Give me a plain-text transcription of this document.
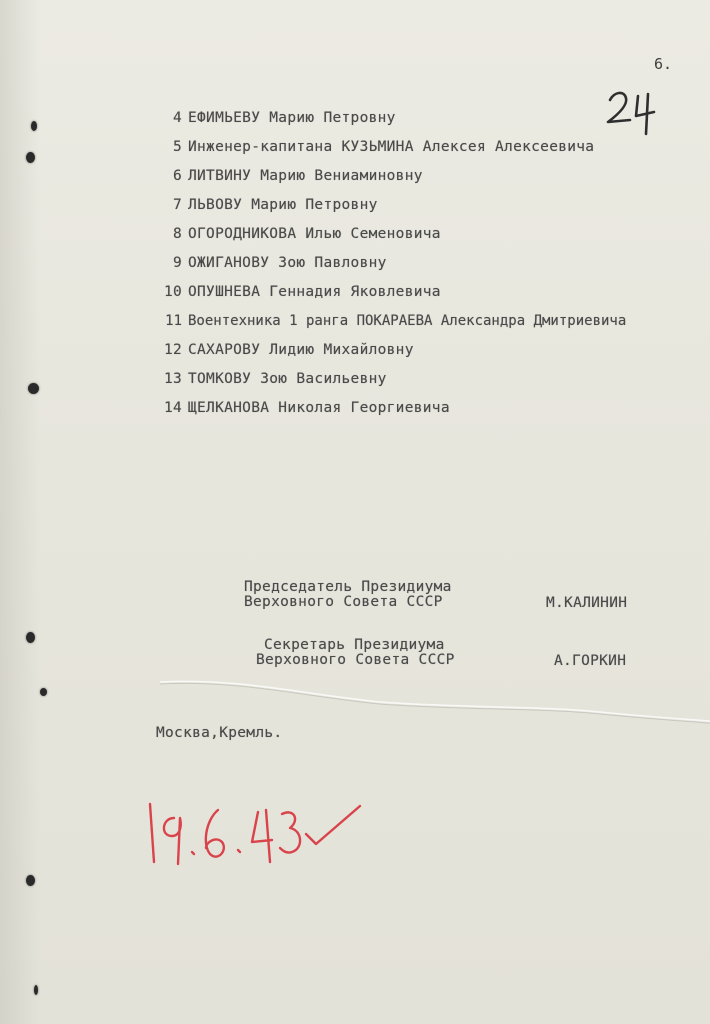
6.
4 ЕФИМЬЕВУ Марию Петровну
5 Инженер-капитана КУЗЬМИНА Алексея Алексеевича
6 ЛИТВИНУ Марию Вениаминовну
7 ЛЬВОВУ Марию Петровну
8 ОГОРОДНИКОВА Илью Семеновича
9 ОЖИГАНОВУ Зою Павловну
10 ОПУШНЕВА Геннадия Яковлевича
11 Воентехника 1 ранга ПОКАРАЕВА Александра Дмитриевича
12 САХАРОВУ Лидию Михайловну
13 ТОМКОВУ Зою Васильевну
14 ЩЕЛКАНОВА Николая Георгиевича
Председатель Президиума
Верховного Совета СССР	М.КАЛИНИН
Секретарь Президиума
Верховного Совета СССР	А.ГОРКИН
Москва,Кремль.
